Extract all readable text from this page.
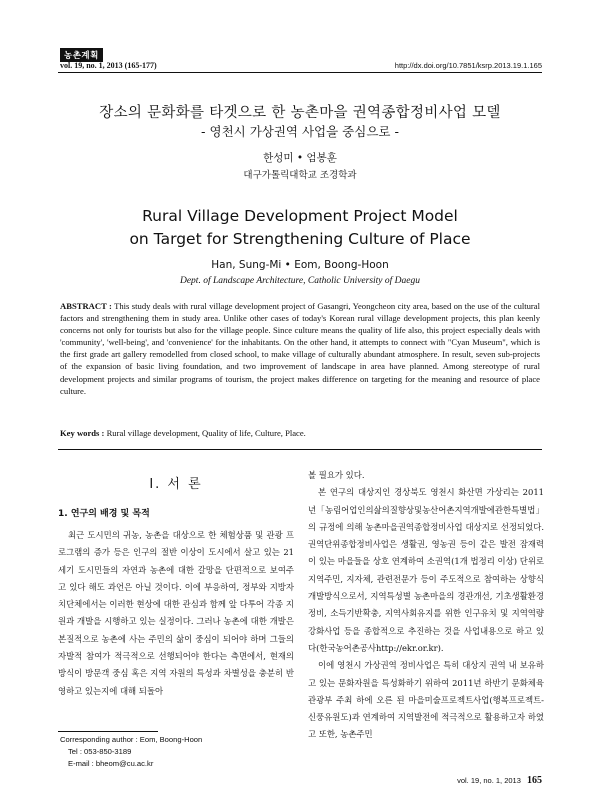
농촌계획
vol. 19, no. 1, 2013 (165-177)	http://dx.doi.org/10.7851/ksrp.2013.19.1.165
장소의 문화화를 타겟으로 한 농촌마을 권역종합정비사업 모델
- 영천시 가상권역 사업을 중심으로 -
한성미 • 엄봉훈
대구가톨릭대학교 조경학과
Rural Village Development Project Model
on Target for Strengthening Culture of Place
Han, Sung-Mi • Eom, Boong-Hoon
Dept. of Landscape Architecture, Catholic University of Daegu
ABSTRACT : This study deals with rural village development project of Gasangri, Yeongcheon city area, based on the use of the cultural factors and strengthening them in study area. Unlike other cases of today's Korean rural village development projects, this plan keenly concerns not only for tourists but also for the village people. Since culture means the quality of life also, this project especially deals with 'community', 'well-being', and 'convenience' for the inhabitants. On the other hand, it attempts to connect with "Cyan Museum", which is the first grade art gallery remodelled from closed school, to make village of culturally abundant atmosphere. In result, seven sub-projects of the expansion of basic living foundation, and two improvement of landscape in area have planned. Among stereotype of rural development projects and similar programs of tourism, the project makes difference on targeting for the meaning and resource of place culture.
Key words : Rural village development, Quality of life, Culture, Place.
Ⅰ. 서 론
1. 연구의 배경 및 목적

최근 도시민의 귀농, 농촌을 대상으로 한 체험상품 및 관광 프로그램의 증가 등은 인구의 절반 이상이 도시에서 살고 있는 21세기 도시민들의 자연과 농촌에 대한 갈망을 단편적으로 보여주고 있다 해도 과언은 아닐 것이다. 이에 부응하여, 정부와 지방자치단체에서는 이러한 현상에 대한 관심과 함께 앞 다투어 각종 지원과 개발을 시행하고 있는 실정이다. 그러나 농촌에 대한 개발은 본질적으로 농촌에 사는 주민의 삶이 중심이 되어야 하며 그들의 자발적 참여가 적극적으로 선행되어야 한다는 측면에서, 현재의 방식이 방문객 중심 혹은 지역 자원의 특성과 차별성을 충분히 반영하고 있는지에 대해 되돌아

볼 필요가 있다.

본 연구의 대상지인 경상북도 영천시 화산면 가상리는 2011년「농림어업인의삶의질향상및농산어촌지역개발에관한특별법」의 규정에 의해 농촌마을권역종합정비사업 대상지로 선정되었다. 권역단위종합정비사업은 생활권, 영농권 등이 같은 발전 잠재력이 있는 마을들을 상호 연계하여 소권역(1개 법정리 이상) 단위로 지역주민, 지자체, 관련전문가 등이 주도적으로 참여하는 상향식 개발방식으로서, 지역특성별 농촌마을의 경관개선, 기초생활환경정비, 소득기반확충, 지역사회유지를 위한 인구유치 및 지역역량강화사업 등을 종합적으로 추진하는 것을 사업내용으로 하고 있다(한국농어촌공사http://ekr.or.kr).

이에 영천시 가상권역 정비사업은 특히 대상지 권역 내 보유하고 있는 문화자원을 특성화하기 위하여 2011년 하반기 문화체육관광부 주최 하에 오른 된 마을미술프로젝트사업(행복프로젝트-신풍유원도)과 연계하여 지역발전에 적극적으로 활용하고자 하였고 또한, 농촌주민

Corresponding author : Eom, Boong-Hoon
Tel : 053-850-3189
E-mail : bheom@cu.ac.kr
vol. 19, no. 1, 2013 165
